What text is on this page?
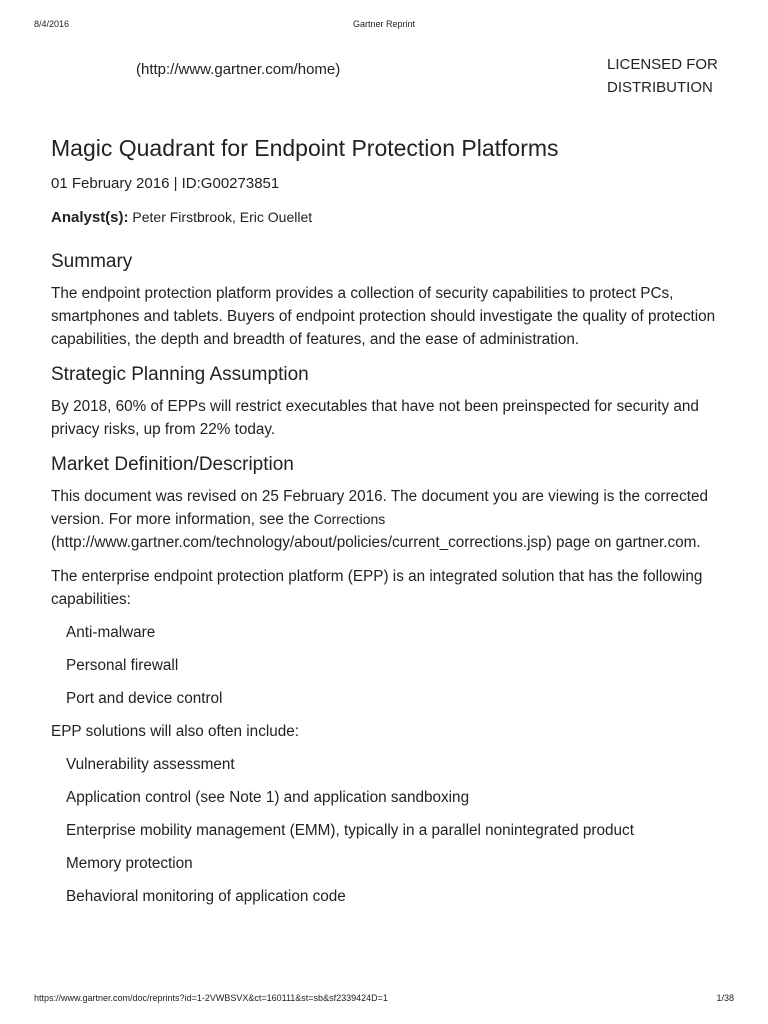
8/4/2016	Gartner Reprint
(http://www.gartner.com/home)	LICENSED FOR
DISTRIBUTION
Magic Quadrant for Endpoint Protection Platforms
01 February 2016 | ID:G00273851
Analyst(s): Peter Firstbrook, Eric Ouellet
Summary

The endpoint protection platform provides a collection of security capabilities to protect PCs, smartphones and tablets. Buyers of endpoint protection should investigate the quality of protection capabilities, the depth and breadth of features, and the ease of administration.

Strategic Planning Assumption

By 2018, 60% of EPPs will restrict executables that have not been preinspected for security and privacy risks, up from 22% today.

Market Definition/Description

This document was revised on 25 February 2016. The document you are viewing is the corrected version. For more information, see the Corrections
(http://www.gartner.com/technology/about/policies/current_corrections.jsp) page on gartner.com.

The enterprise endpoint protection platform (EPP) is an integrated solution that has the following capabilities:

Anti-malware
Personal firewall
Port and device control

EPP solutions will also often include:

Vulnerability assessment
Application control (see Note 1) and application sandboxing
Enterprise mobility management (EMM), typically in a parallel nonintegrated product
Memory protection
Behavioral monitoring of application code
https://www.gartner.com/doc/reprints?id=1-2VWBSVX&ct=160111&st=sb&sf2339424D=1	1/38
